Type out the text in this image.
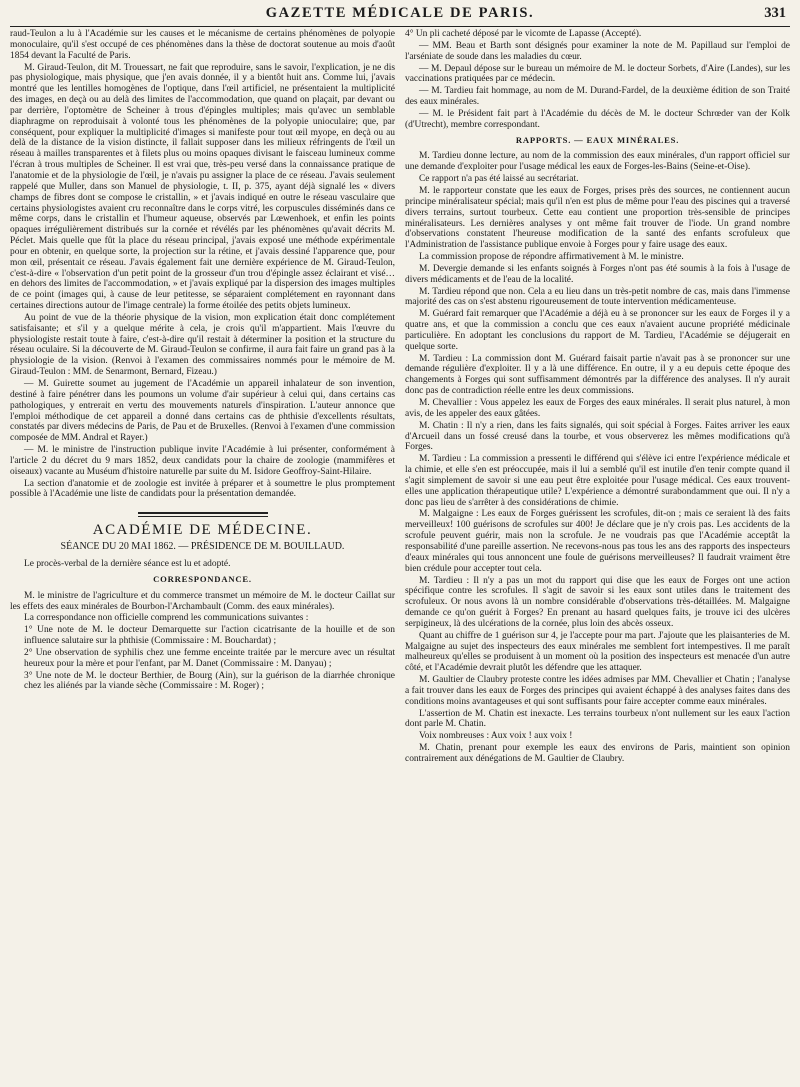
GAZETTE MÉDICALE DE PARIS.	331

raud-Teulon a lu à l'Académie sur les causes et le mécanisme de certains phénomènes de polyopie monoculaire, qu'il s'est occupé de ces phénomènes dans la thèse de doctorat soutenue au mois d'août 1854 devant la Faculté de Paris.

M. Giraud-Teulon, dit M. Trouessart, ne fait que reproduire, sans le savoir, l'explication, je ne dis pas physiologique, mais physique, que j'en avais donnée, il y a bientôt huit ans. Comme lui, j'avais montré que les lentilles homogènes de l'optique, dans l'œil artificiel, ne présentaient la multiplicité des images, en deçà ou au delà des limites de l'accommodation, que quand on plaçait, par devant ou par derrière, l'optomètre de Scheiner à trous d'épingles multiples; mais qu'avec un semblable diaphragme on reproduisait à volonté tous les phénomènes de la polyopie unioculaire; que, par conséquent, pour expliquer la multiplicité d'images si manifeste pour tout œil myope, en deçà ou au delà de la distance de la vision distincte, il fallait supposer dans les milieux réfringents de l'œil un réseau à mailles transparentes et à filets plus ou moins opaques divisant le faisceau lumineux comme l'écran à trous multiples de Scheiner. Il est vrai que, très-peu versé dans la connaissance pratique de l'anatomie et de la physiologie de l'œil, je n'avais pu assigner la place de ce réseau. J'avais seulement rappelé que Muller, dans son Manuel de physiologie, t. II, p. 375, ayant déjà signalé les « divers champs de fibres dont se compose le cristallin, » et j'avais indiqué en outre le réseau vasculaire que certains physiologistes avaient cru reconnaître dans le corps vitré, les corpuscules disséminés dans ce même corps, dans le cristallin et l'humeur aqueuse, observés par Lœwenhoek, et enfin les points opaques irrégulièrement distribués sur la cornée et révélés par les phénomènes qu'avait décrits M. Péclet. Mais quelle que fût la place du réseau principal, j'avais exposé une méthode expérimentale pour en obtenir, en quelque sorte, la projection sur la rétine, et j'avais dessiné l'apparence que, pour mon œil, présentait ce réseau. J'avais également fait une dernière expérience de M. Giraud-Teulon, c'est-à-dire « l'observation d'un petit point de la grosseur d'un trou d'épingle assez éclairant et visé… en dehors des limites de l'accommodation, » et j'avais expliqué par la dispersion des images multiples de ce point (images qui, à cause de leur petitesse, se séparaient complétement en rayonnant dans certaines directions autour de l'image centrale) la forme étoilée des petits objets lumineux.

Au point de vue de la théorie physique de la vision, mon explication était donc complétement satisfaisante; et s'il y a quelque mérite à cela, je crois qu'il m'appartient. Mais l'œuvre du physiologiste restait toute à faire, c'est-à-dire qu'il restait à déterminer la position et la structure du réseau oculaire. Si la découverte de M. Giraud-Teulon se confirme, il aura fait faire un grand pas à la physiologie de la vision. (Renvoi à l'examen des commissaires nommés pour le mémoire de M. Giraud-Teulon : MM. de Senarmont, Bernard, Fizeau.)

— M. Guirette soumet au jugement de l'Académie un appareil inhalateur de son invention, destiné à faire pénétrer dans les poumons un volume d'air supérieur à celui qui, dans certains cas pathologiques, y entrerait en vertu des mouvements naturels d'inspiration. L'auteur annonce que l'emploi méthodique de cet appareil a donné dans certains cas de phthisie d'excellents résultats, constatés par divers médecins de Paris, de Pau et de Bruxelles. (Renvoi à l'examen d'une commission composée de MM. Andral et Rayer.)

— M. le ministre de l'instruction publique invite l'Académie à lui présenter, conformément à l'article 2 du décret du 9 mars 1852, deux candidats pour la chaire de zoologie (mammifères et oiseaux) vacante au Muséum d'histoire naturelle par suite du M. Isidore Geoffroy-Saint-Hilaire.

La section d'anatomie et de zoologie est invitée à préparer et à soumettre le plus promptement possible à l'Académie une liste de candidats pour la présentation demandée.

ACADÉMIE DE MÉDECINE.
SÉANCE DU 20 MAI 1862. — PRÉSIDENCE DE M. BOUILLAUD.

Le procès-verbal de la dernière séance est lu et adopté.

CORRESPONDANCE.

M. le ministre de l'agriculture et du commerce transmet un mémoire de M. le docteur Caillat sur les effets des eaux minérales de Bourbon-l'Archambault (Comm. des eaux minérales).

La correspondance non officielle comprend les communications suivantes :

1° Une note de M. le docteur Demarquette sur l'action cicatrisante de la houille et de son influence salutaire sur la phthisie (Commissaire : M. Bouchardat) ;

2° Une observation de syphilis chez une femme enceinte traitée par le mercure avec un résultat heureux pour la mère et pour l'enfant, par M. Danet (Commissaire : M. Danyau) ;

3° Une note de M. le docteur Berthier, de Bourg (Ain), sur la guérison de la diarrhée chronique chez les aliénés par la viande sèche (Commissaire : M. Roger) ;

4° Un pli cacheté déposé par le vicomte de Lapasse (Accepté).

— MM. Beau et Barth sont désignés pour examiner la note de M. Papillaud sur l'emploi de l'arséniate de soude dans les maladies du cœur.

— M. Depaul dépose sur le bureau un mémoire de M. le docteur Sorbets, d'Aire (Landes), sur les vaccinations pratiquées par ce médecin.

— M. Tardieu fait hommage, au nom de M. Durand-Fardel, de la deuxième édition de son Traité des eaux minérales.

— M. le Président fait part à l'Académie du décès de M. le docteur Schrœder van der Kolk (d'Utrecht), membre correspondant.

RAPPORTS. — EAUX MINÉRALES.

M. Tardieu donne lecture, au nom de la commission des eaux minérales, d'un rapport officiel sur une demande d'exploiter pour l'usage médical les eaux de Forges-les-Bains (Seine-et-Oise).

Ce rapport n'a pas été laissé au secrétariat.

M. le rapporteur constate que les eaux de Forges, prises près des sources, ne contiennent aucun principe minéralisateur spécial; mais qu'il n'en est plus de même pour l'eau des piscines qui a traversé divers terrains, surtout tourbeux. Cette eau contient une proportion très-sensible de principes minéralisateurs. Les dernières analyses y ont même fait trouver de l'iode. Un grand nombre d'observations constatent l'heureuse modification de la santé des enfants scrofuleux que l'Administration de l'assistance publique envoie à Forges pour y faire usage des eaux.

La commission propose de répondre affirmativement à M. le ministre.

M. Devergie demande si les enfants soignés à Forges n'ont pas été soumis à la fois à l'usage de divers médicaments et de l'eau de la localité.

M. Tardieu répond que non. Cela a eu lieu dans un très-petit nombre de cas, mais dans l'immense majorité des cas on s'est abstenu rigoureusement de toute intervention médicamenteuse.

M. Guérard fait remarquer que l'Académie a déjà eu à se prononcer sur les eaux de Forges il y a quatre ans, et que la commission a conclu que ces eaux n'avaient aucune propriété médicinale particulière. En adoptant les conclusions du rapport de M. Tardieu, l'Académie se déjugerait en quelque sorte.

M. Tardieu : La commission dont M. Guérard faisait partie n'avait pas à se prononcer sur une demande régulière d'exploiter. Il y a là une différence. En outre, il y a eu depuis cette époque des changements à Forges qui sont suffisamment démontrés par la différence des analyses. Il n'y aurait donc pas de contradiction réelle entre les deux commissions.

M. Chevallier : Vous appelez les eaux de Forges des eaux minérales. Il serait plus naturel, à mon avis, de les appeler des eaux gâtées.

M. Chatin : Il n'y a rien, dans les faits signalés, qui soit spécial à Forges. Faites arriver les eaux d'Arcueil dans un fossé creusé dans la tourbe, et vous observerez les mêmes modifications qu'à Forges.

M. Tardieu : La commission a pressenti le différend qui s'élève ici entre l'expérience médicale et la chimie, et elle s'en est préoccupée, mais il lui a semblé qu'il est inutile d'en tenir compte quand il s'agit simplement de savoir si une eau peut être exploitée pour l'usage médical. Ces eaux trouvent-elles une application thérapeutique utile? L'expérience a démontré surabondamment que oui. Il n'y a donc pas lieu de s'arrêter à des considérations de chimie.

M. Malgaigne : Les eaux de Forges guérissent les scrofules, dit-on ; mais ce seraient là des faits merveilleux! 100 guérisons de scrofules sur 400! Je déclare que je n'y crois pas. Les accidents de la scrofule peuvent guérir, mais non la scrofule. Je ne voudrais pas que l'Académie acceptât la responsabilité d'une pareille assertion. Ne recevons-nous pas tous les ans des rapports des inspecteurs d'eaux minérales qui tous annoncent une foule de guérisons merveilleuses? Il faudrait vraiment être bien crédule pour accepter tout cela.

M. Tardieu : Il n'y a pas un mot du rapport qui dise que les eaux de Forges ont une action spécifique contre les scrofules. Il s'agit de savoir si les eaux sont utiles dans le traitement des scrofuleux. Or nous avons là un nombre considérable d'observations très-détaillées. M. Malgaigne demande ce qu'on guérit à Forges? En prenant au hasard quelques faits, je trouve ici des ulcères serpigineux, là des ulcérations de la cornée, plus loin des abcès osseux.

Quant au chiffre de 1 guérison sur 4, je l'accepte pour ma part. J'ajoute que les plaisanteries de M. Malgaigne au sujet des inspecteurs des eaux minérales me semblent fort intempestives. Il me paraît malheureux qu'elles se produisent à un moment où la position des inspecteurs est menacée d'un autre côté, et l'Académie devrait plutôt les défendre que les attaquer.

M. Gaultier de Claubry proteste contre les idées admises par MM. Chevallier et Chatin ; l'analyse a fait trouver dans les eaux de Forges des principes qui avaient échappé à des analyses faites dans des conditions moins avantageuses et qui sont suffisants pour faire accepter comme eaux minérales.

L'assertion de M. Chatin est inexacte. Les terrains tourbeux n'ont nullement sur les eaux l'action dont parle M. Chatin.

Voix nombreuses : Aux voix ! aux voix !

M. Chatin, prenant pour exemple les eaux des environs de Paris, maintient son opinion contrairement aux dénégations de M. Gaultier de Claubry.
